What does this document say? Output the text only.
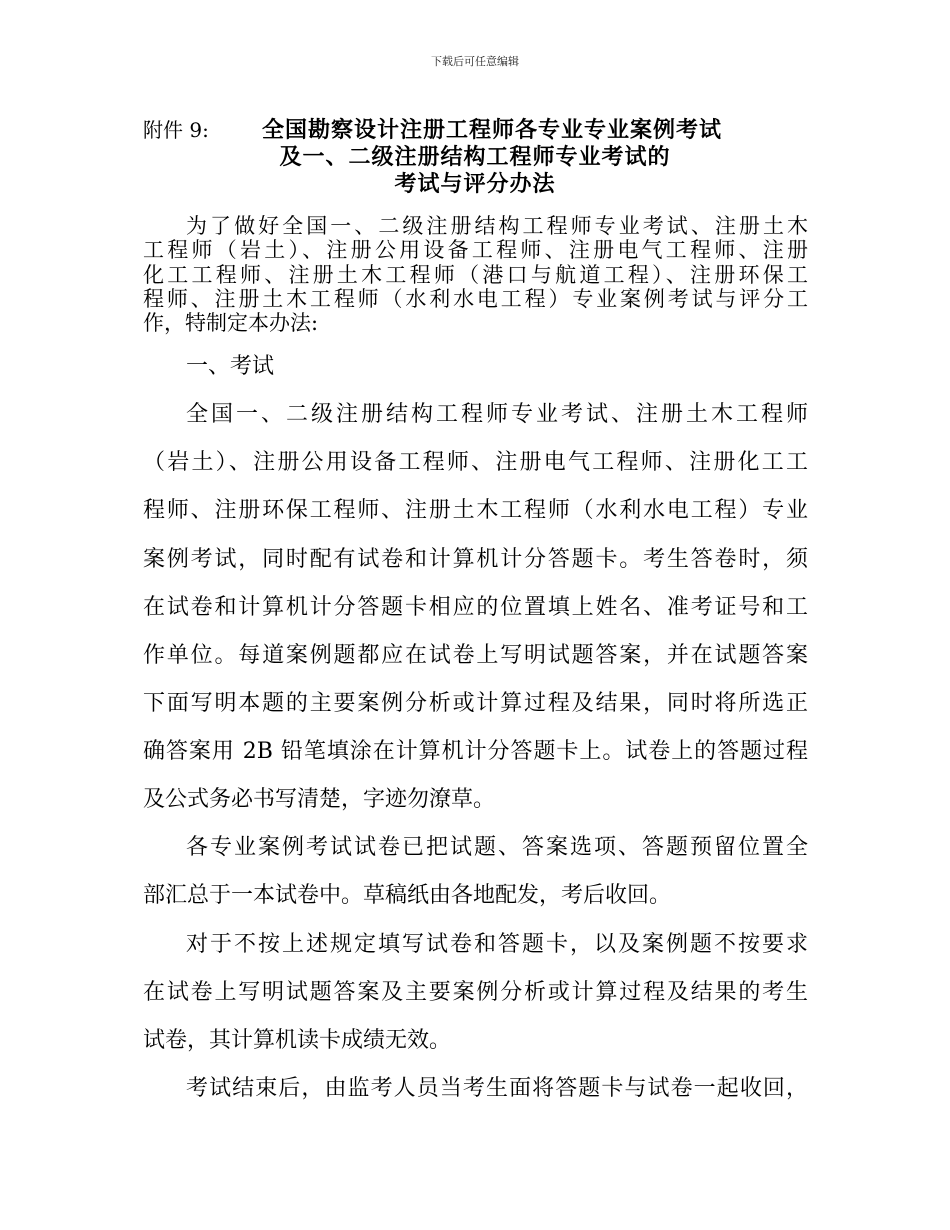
下载后可任意编辑
附件 9: 全国勘察设计注册工程师各专业专业案例考试
及一、二级注册结构工程师专业考试的
考试与评分办法
为了做好全国一、二级注册结构工程师专业考试、注册土木
工程师（岩土）、注册公用设备工程师、注册电气工程师、注册
化工工程师、注册土木工程师（港口与航道工程）、注册环保工
程师、注册土木工程师（水利水电工程）专业案例考试与评分工
作，特制定本办法:
一、考试
全国一、二级注册结构工程师专业考试、注册土木工程师
（岩土）、注册公用设备工程师、注册电气工程师、注册化工工
程师、注册环保工程师、注册土木工程师（水利水电工程）专业
案例考试，同时配有试卷和计算机计分答题卡。考生答卷时，须
在试卷和计算机计分答题卡相应的位置填上姓名、准考证号和工
作单位。每道案例题都应在试卷上写明试题答案，并在试题答案
下面写明本题的主要案例分析或计算过程及结果，同时将所选正
确答案用 2B 铅笔填涂在计算机计分答题卡上。试卷上的答题过程
及公式务必书写清楚，字迹勿潦草。
各专业案例考试试卷已把试题、答案选项、答题预留位置全
部汇总于一本试卷中。草稿纸由各地配发，考后收回。
对于不按上述规定填写试卷和答题卡，以及案例题不按要求
在试卷上写明试题答案及主要案例分析或计算过程及结果的考生
试卷，其计算机读卡成绩无效。
考试结束后，由监考人员当考生面将答题卡与试卷一起收回，
